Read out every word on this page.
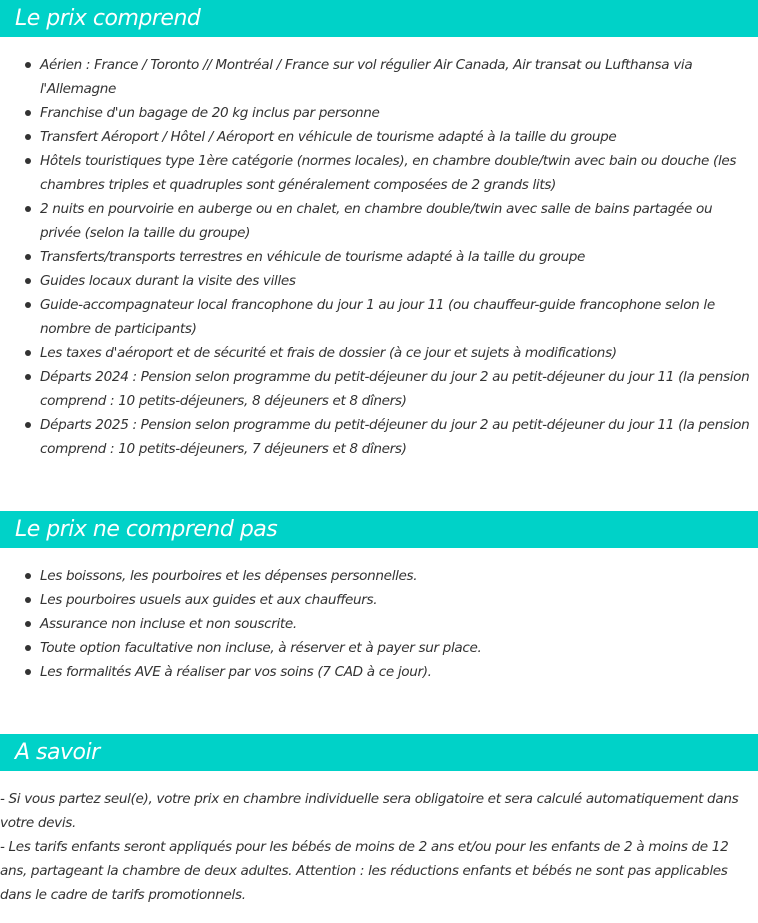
Le prix comprend
Aérien : France / Toronto // Montréal / France sur vol régulier Air Canada, Air transat ou Lufthansa via l'Allemagne
Franchise d'un bagage de 20 kg inclus par personne
Transfert Aéroport / Hôtel / Aéroport en véhicule de tourisme adapté à la taille du groupe
Hôtels touristiques type 1ère catégorie (normes locales), en chambre double/twin avec bain ou douche (les chambres triples et quadruples sont généralement composées de 2 grands lits)
2 nuits en pourvoirie en auberge ou en chalet, en chambre double/twin avec salle de bains partagée ou privée (selon la taille du groupe)
Transferts/transports terrestres en véhicule de tourisme adapté à la taille du groupe
Guides locaux durant la visite des villes
Guide-accompagnateur local francophone du jour 1 au jour 11 (ou chauffeur-guide francophone selon le nombre de participants)
Les taxes d'aéroport et de sécurité et frais de dossier (à ce jour et sujets à modifications)
Départs 2024 : Pension selon programme du petit-déjeuner du jour 2 au petit-déjeuner du jour 11 (la pension comprend : 10 petits-déjeuners, 8 déjeuners et 8 dîners)
Départs 2025 : Pension selon programme du petit-déjeuner du jour 2 au petit-déjeuner du jour 11 (la pension comprend : 10 petits-déjeuners, 7 déjeuners et 8 dîners)
Le prix ne comprend pas
Les boissons, les pourboires et les dépenses personnelles.
Les pourboires usuels aux guides et aux chauffeurs.
Assurance non incluse et non souscrite.
Toute option facultative non incluse, à réserver et à payer sur place.
Les formalités AVE à réaliser par vos soins (7 CAD à ce jour).
A savoir

- Si vous partez seul(e), votre prix en chambre individuelle sera obligatoire et sera calculé automatiquement dans votre devis.

- Les tarifs enfants seront appliqués pour les bébés de moins de 2 ans et/ou pour les enfants de 2 à moins de 12 ans, partageant la chambre de deux adultes. Attention : les réductions enfants et bébés ne sont pas applicables dans le cadre de tarifs promotionnels.
